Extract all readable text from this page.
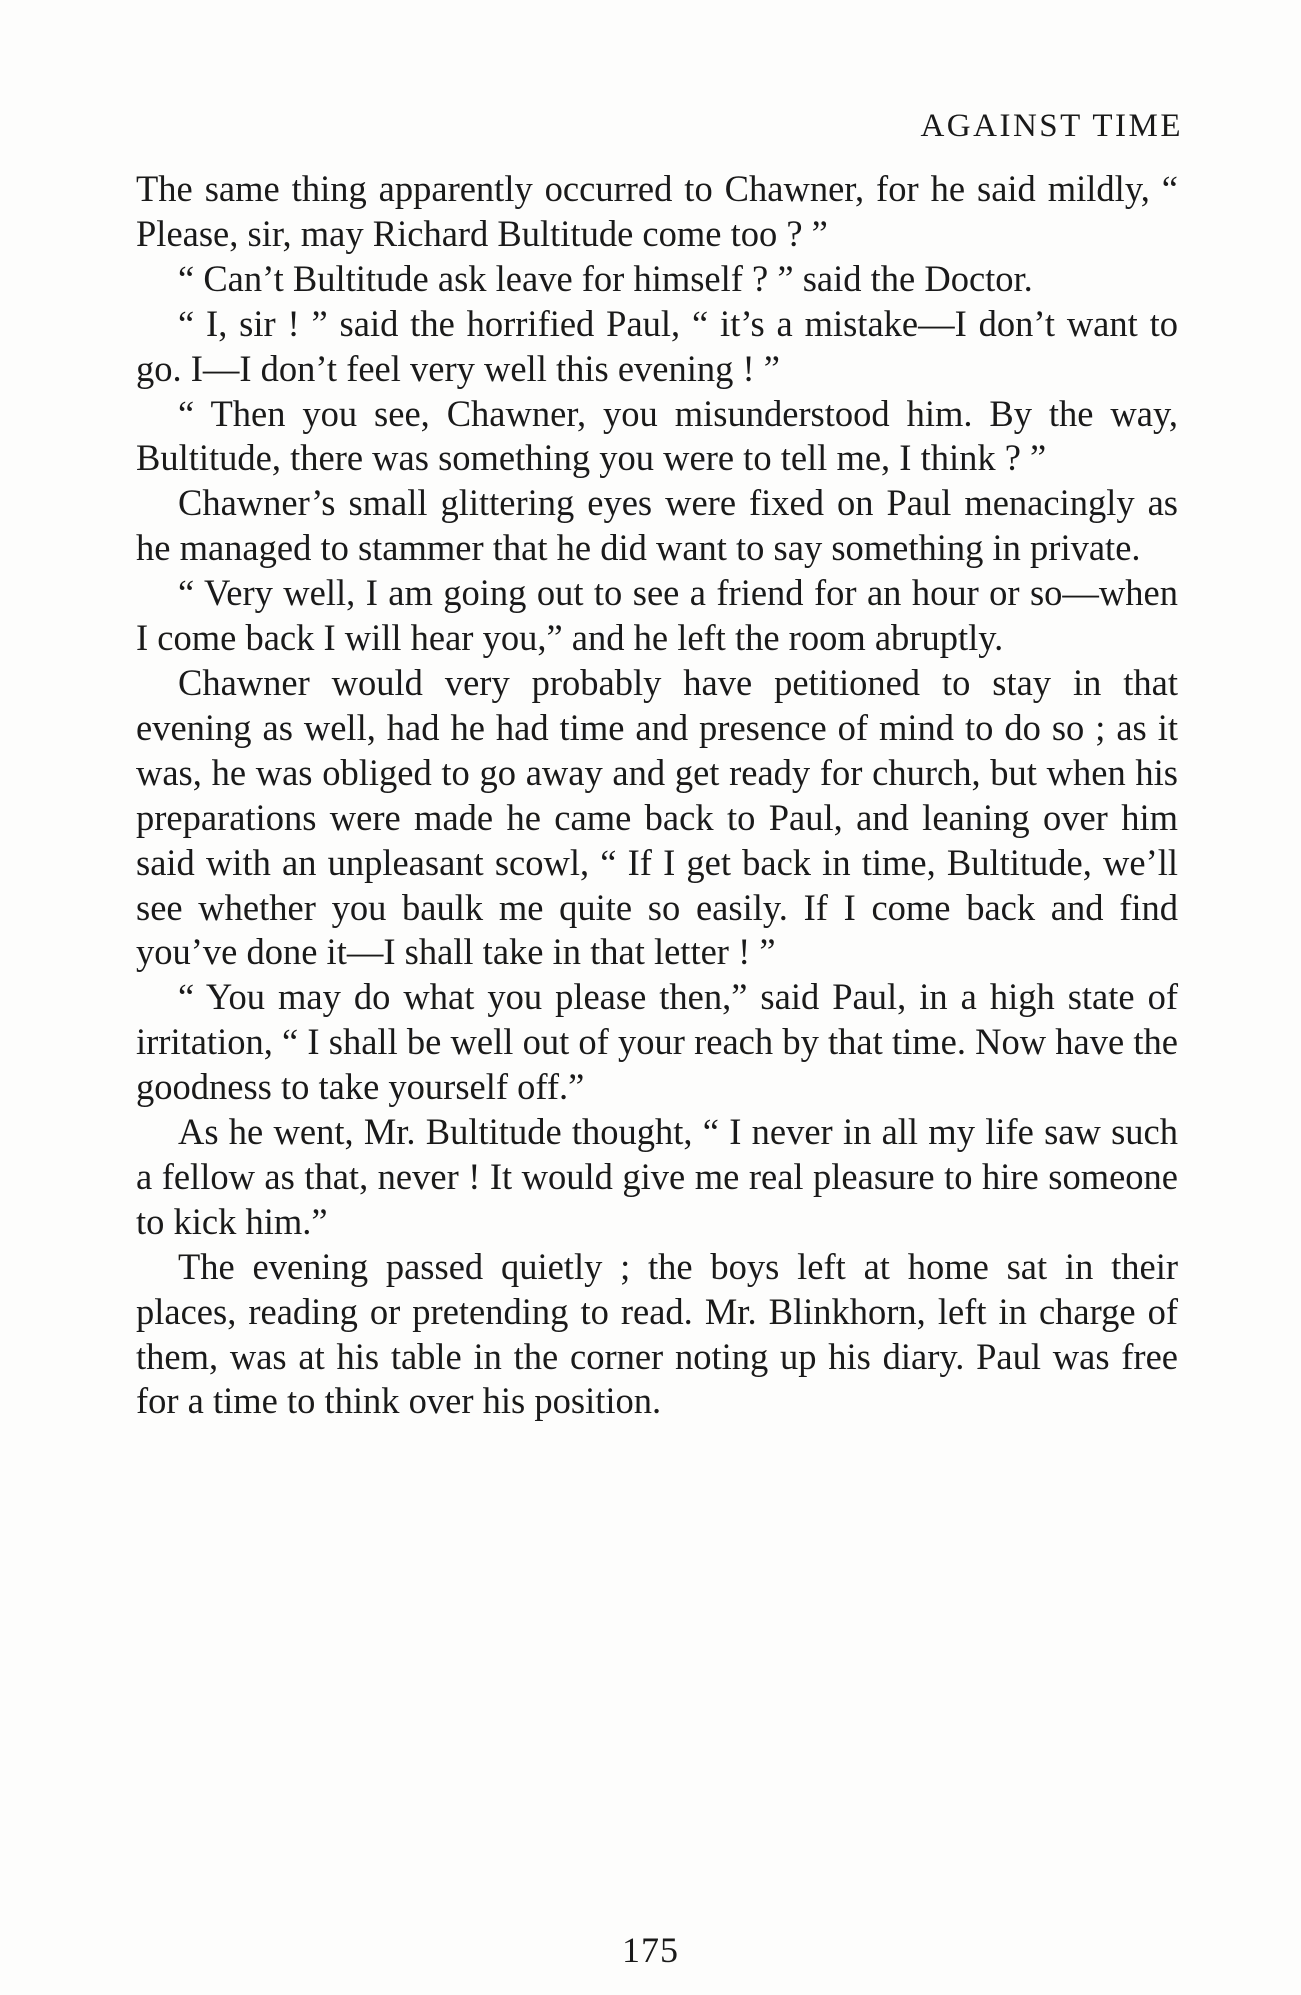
AGAINST TIME

The same thing apparently occurred to Chawner, for he said mildly, “ Please, sir, may Richard Bultitude come too ? ”

“ Can’t Bultitude ask leave for himself ? ” said the Doctor.

“ I, sir ! ” said the horrified Paul, “ it’s a mistake—I don’t want to go. I—I don’t feel very well this evening ! ”

“ Then you see, Chawner, you misunderstood him. By the way, Bultitude, there was something you were to tell me, I think ? ”

Chawner’s small glittering eyes were fixed on Paul menacingly as he managed to stammer that he did want to say something in private.

“ Very well, I am going out to see a friend for an hour or so—when I come back I will hear you,” and he left the room abruptly.

Chawner would very probably have petitioned to stay in that evening as well, had he had time and presence of mind to do so ; as it was, he was obliged to go away and get ready for church, but when his preparations were made he came back to Paul, and leaning over him said with an unpleasant scowl, “ If I get back in time, Bultitude, we’ll see whether you baulk me quite so easily. If I come back and find you’ve done it—I shall take in that letter ! ”

“ You may do what you please then,” said Paul, in a high state of irritation, “ I shall be well out of your reach by that time. Now have the goodness to take yourself off.”

As he went, Mr. Bultitude thought, “ I never in all my life saw such a fellow as that, never ! It would give me real pleasure to hire someone to kick him.”

The evening passed quietly ; the boys left at home sat in their places, reading or pretending to read. Mr. Blinkhorn, left in charge of them, was at his table in the corner noting up his diary. Paul was free for a time to think over his position.

175
